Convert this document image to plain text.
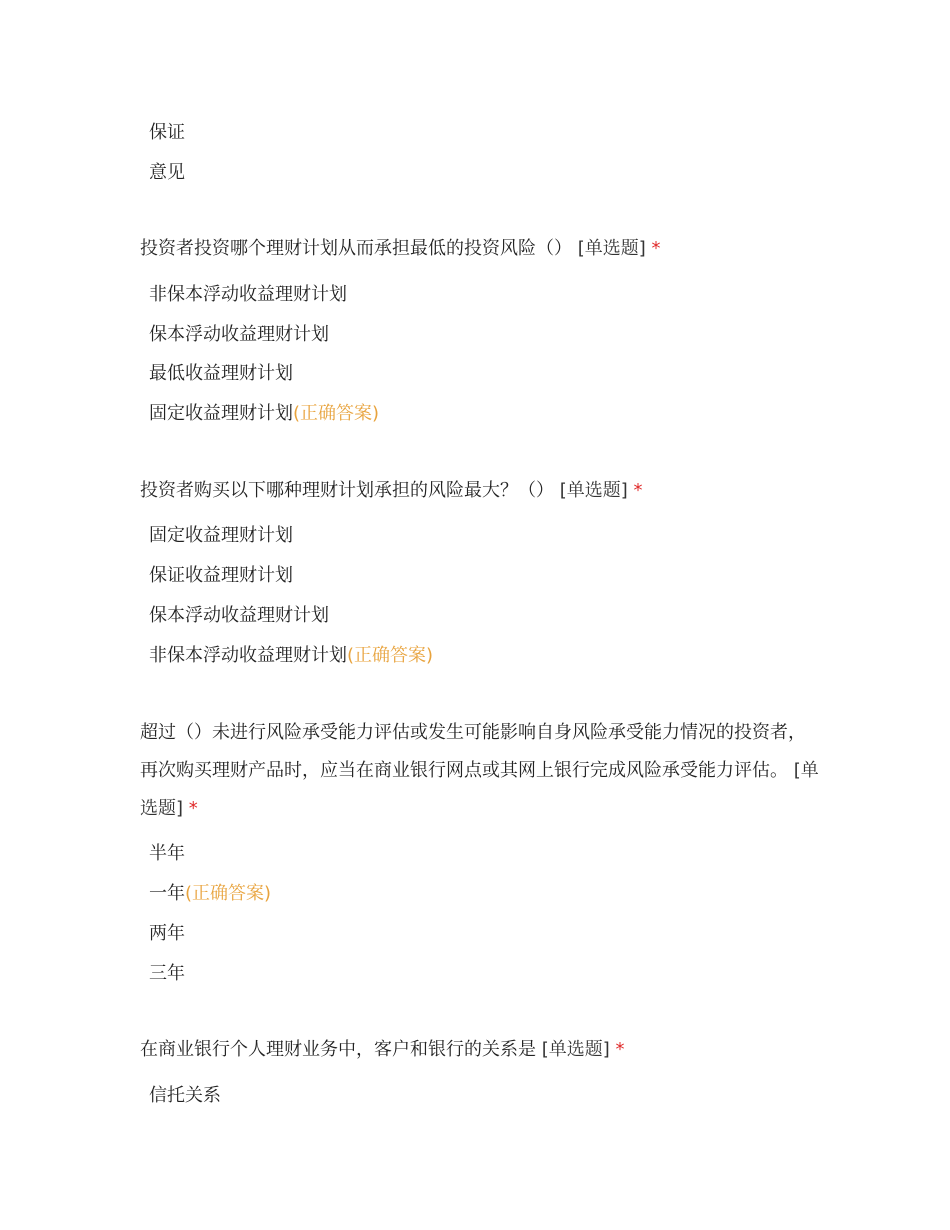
保证
意见
投资者投资哪个理财计划从而承担最低的投资风险（） [单选题] *
非保本浮动收益理财计划
保本浮动收益理财计划
最低收益理财计划
固定收益理财计划(正确答案)
投资者购买以下哪种理财计划承担的风险最大？（） [单选题] *
固定收益理财计划
保证收益理财计划
保本浮动收益理财计划
非保本浮动收益理财计划(正确答案)
超过（）未进行风险承受能力评估或发生可能影响自身风险承受能力情况的投资者，再次购买理财产品时，应当在商业银行网点或其网上银行完成风险承受能力评估。 [单选题] *
半年
一年(正确答案)
两年
三年
在商业银行个人理财业务中，客户和银行的关系是 [单选题] *
信托关系
